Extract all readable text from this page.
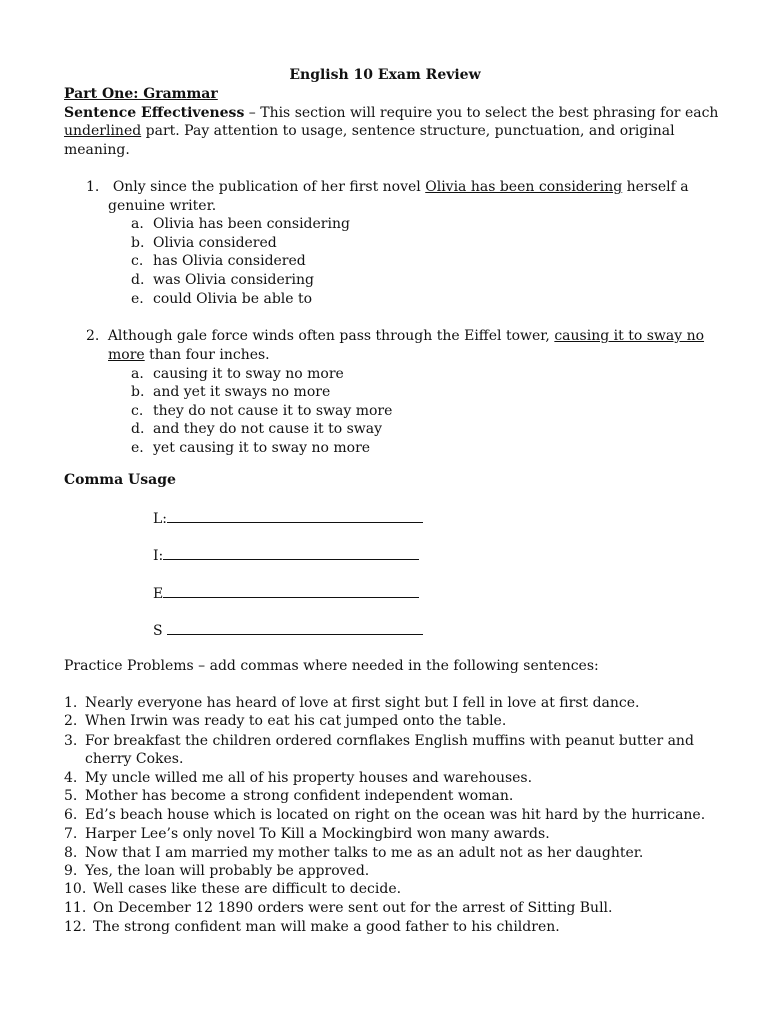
English 10 Exam Review

Part One: Grammar

Sentence Effectiveness – This section will require you to select the best phrasing for each

underlined part. Pay attention to usage, sentence structure, punctuation, and original

meaning.

1. Only since the publication of her first novel Olivia has been considering herself a
genuine writer.
a. Olivia has been considering
b. Olivia considered
c. has Olivia considered
d. was Olivia considering
e. could Olivia be able to
2. Although gale force winds often pass through the Eiffel tower, causing it to sway no
more than four inches.
a. causing it to sway no more
b. and yet it sways no more
c. they do not cause it to sway more
d. and they do not cause it to sway
e. yet causing it to sway no more
Comma Usage
L:
I:
E
S
Practice Problems – add commas where needed in the following sentences:
1. Nearly everyone has heard of love at first sight but I fell in love at first dance.
2. When Irwin was ready to eat his cat jumped onto the table.
3. For breakfast the children ordered cornflakes English muffins with peanut butter and
cherry Cokes.
4. My uncle willed me all of his property houses and warehouses.
5. Mother has become a strong confident independent woman.
6. Ed’s beach house which is located on right on the ocean was hit hard by the hurricane.
7. Harper Lee’s only novel To Kill a Mockingbird won many awards.
8. Now that I am married my mother talks to me as an adult not as her daughter.
9. Yes, the loan will probably be approved.
10. Well cases like these are difficult to decide.
11. On December 12 1890 orders were sent out for the arrest of Sitting Bull.
12. The strong confident man will make a good father to his children.
